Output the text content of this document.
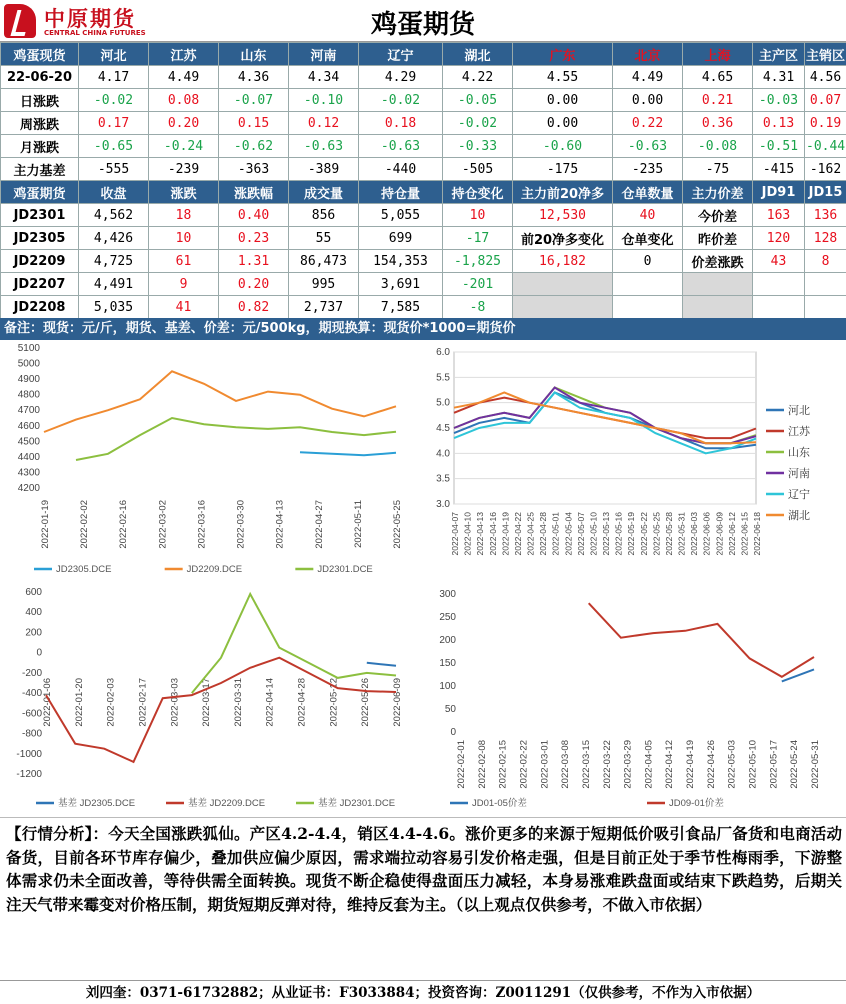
中原期货
CENTRAL CHINA FUTURES	鸡蛋期货
鸡蛋现货	河北	江苏	山东	河南	辽宁	湖北	广东	北京	上海	主产区	主销区
22-06-20	4.17	4.49	4.36	4.34	4.29	4.22	4.55	4.49	4.65	4.31	4.56
日涨跌	-0.02	0.08	-0.07	-0.10	-0.02	-0.05	0.00	0.00	0.21	-0.03	0.07
周涨跌	0.17	0.20	0.15	0.12	0.18	-0.02	0.00	0.22	0.36	0.13	0.19
月涨跌	-0.65	-0.24	-0.62	-0.63	-0.63	-0.33	-0.60	-0.63	-0.08	-0.51	-0.44
主力基差	-555	-239	-363	-389	-440	-505	-175	-235	-75	-415	-162
鸡蛋期货	收盘	涨跌	涨跌幅	成交量	持仓量	持仓变化	主力前20净多	仓单数量	主力价差	JD91	JD15
JD2301	4,562	18	0.40	856	5,055	10	12,530	40	今价差	163	136
JD2305	4,426	10	0.23	55	699	-17	前20净多变化	仓单变化	昨价差	120	128
JD2209	4,725	61	1.31	86,473	154,353	-1,825	16,182	0	价差涨跌	43	8
JD2207	4,491	9	0.20	995	3,691	-201					
JD2208	5,035	41	0.82	2,737	7,585	-8					
备注：现货：元/斤，期货、基差、价差：元/500kg，期现换算：现货价*1000=期货价
5100
5000
4900
4800
4700
4600
4500
4400
4300
4200
2022-01-19	2022-02-02	2022-02-16	2022-03-02	2022-03-16	2022-03-30	2022-04-13	2022-04-27	2022-05-11	2022-05-25
JD2305.DCE	JD2209.DCE	JD2301.DCE
6.0
5.5
5.0
4.5
4.0
3.5
3.0
2022-04-07 2022-04-10 2022-04-13 2022-04-16 2022-04-19 2022-04-22 2022-04-25 2022-04-28 2022-05-01 2022-05-04 2022-05-07 2022-05-10 2022-05-13 2022-05-16 2022-05-19 2022-05-22 2022-05-25 2022-05-28 2022-05-31 2022-06-03 2022-06-06 2022-06-09 2022-06-12 2022-06-15 2022-06-18
河北
江苏
山东
河南
辽宁
湖北
600
400
200
0
-200
-400
-600
-800
-1000
-1200
2022-01-06 2022-01-20 2022-02-03 2022-02-17 2022-03-03 2022-03-17 2022-03-31 2022-04-14 2022-04-28 2022-05-12 2022-05-26 2022-06-09
基差 JD2305.DCE	基差 JD2209.DCE	基差 JD2301.DCE
300
250
200
150
100
50
0
2022-02-01 2022-02-08 2022-02-15 2022-02-22 2022-03-01 2022-03-08 2022-03-15 2022-03-22 2022-03-29 2022-04-05 2022-04-12 2022-04-19 2022-04-26 2022-05-03 2022-05-10 2022-05-17 2022-05-24 2022-05-31
JD01-05价差	JD09-01价差
【行情分析】：今天全国涨跌狐仙。产区4.2-4.4，销区4.4-4.6。涨价更多的来源于短期低价吸引食品厂备货和电商活动备货，目前各环节库存偏少，叠加供应偏少原因，需求端拉动容易引发价格走强，但是目前正处于季节性梅雨季，下游整体需求仍未全面改善，等待供需全面转换。现货不断企稳使得盘面压力减轻，本身易涨难跌盘面或结束下跌趋势，后期关注天气带来霉变对价格压制，期货短期反弹对待，维持反套为主。（以上观点仅供参考，不做入市依据）
刘四奎：0371-61732882；从业证书：F3033884；投资咨询：Z0011291（仅供参考，不作为入市依据）
